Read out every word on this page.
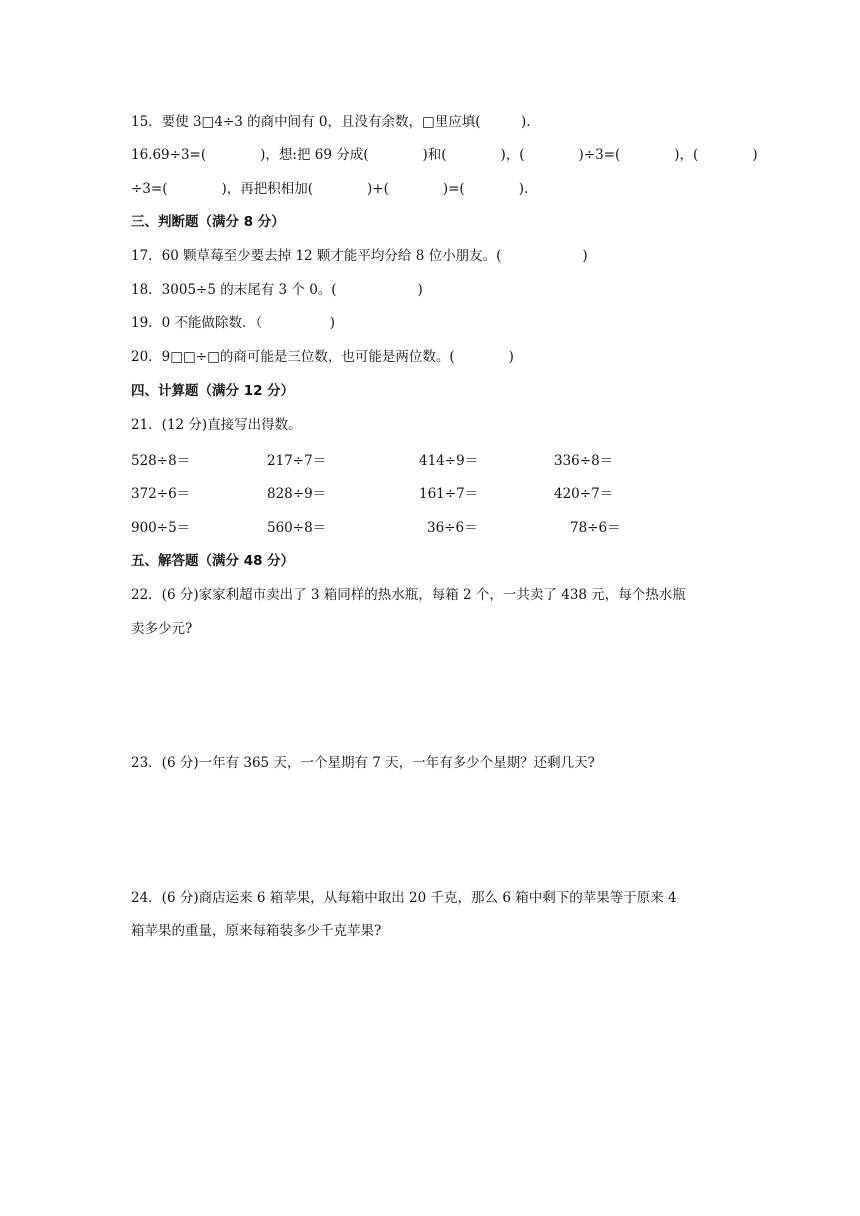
15．要使 3□4÷3 的商中间有 0，且没有余数，□里应填(　　　).
16.69÷3=(　　　　)，想:把 69 分成(　　　　)和(　　　　)，(　　　　)÷3=(　　　　)，(　　　　)
÷3=(　　　　)，再把积相加(　　　　)+(　　　　)=(　　　　).
三、判断题（满分 8 分）
17．60 颗草莓至少要去掉 12 颗才能平均分给 8 位小朋友。(　　　　　　)
18．3005÷5 的末尾有 3 个 0。(　　　　　　)
19．0 不能做除数．（　　　　　)
20．9□□÷□的商可能是三位数，也可能是两位数。(　　　　)
四、计算题（满分 12 分）
21．(12 分)直接写出得数。
528÷8＝	217÷7＝	414÷9＝	336÷8＝
372÷6＝	828÷9＝	161÷7＝	420÷7＝
900÷5＝	560÷8＝	36÷6＝	78÷6＝
五、解答题（满分 48 分）
22．(6 分)家家利超市卖出了 3 箱同样的热水瓶，每箱 2 个，一共卖了 438 元，每个热水瓶
卖多少元?
23．(6 分)一年有 365 天，一个星期有 7 天，一年有多少个星期？还剩几天?
24．(6 分)商店运来 6 箱苹果，从每箱中取出 20 千克，那么 6 箱中剩下的苹果等于原来 4
箱苹果的重量，原来每箱装多少千克苹果?
